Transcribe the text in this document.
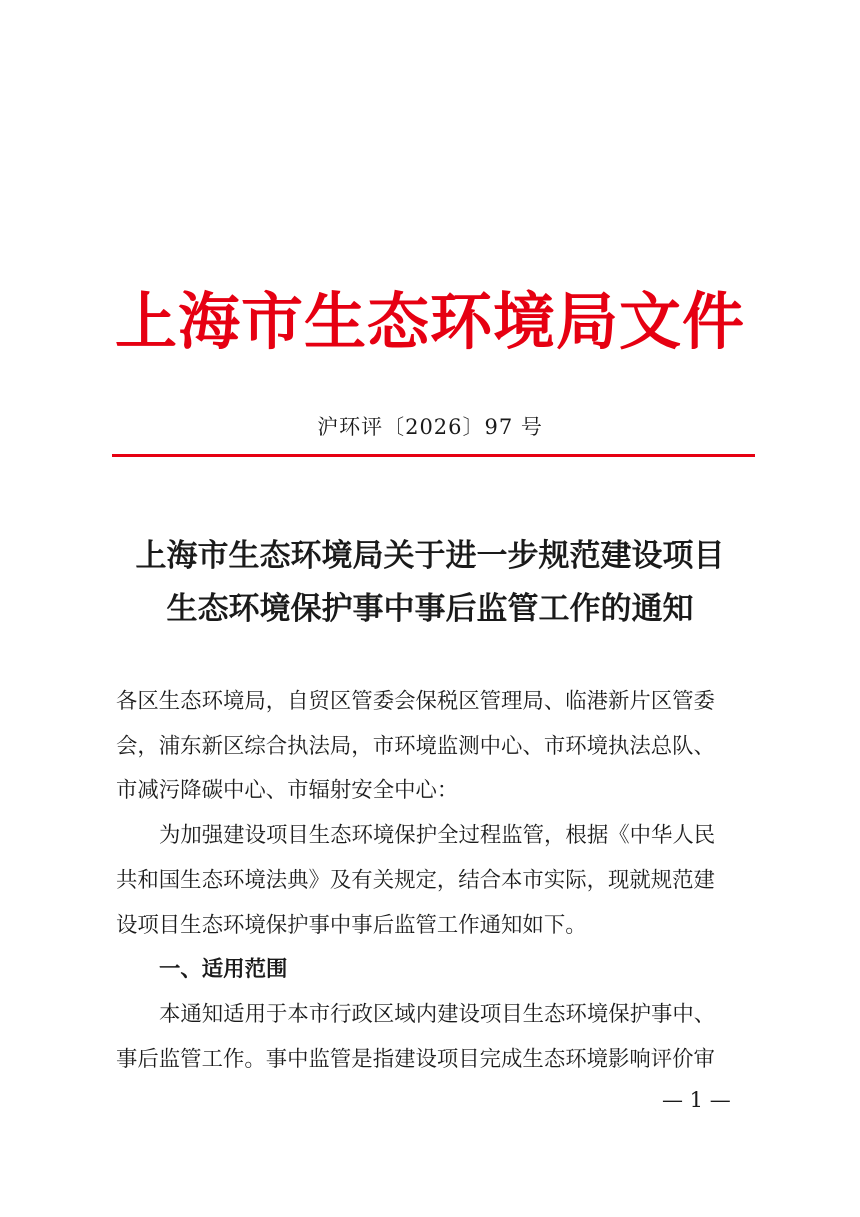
上海市生态环境局文件
沪环评〔2026〕97 号
上海市生态环境局关于进一步规范建设项目
生态环境保护事中事后监管工作的通知
各区生态环境局，自贸区管委会保税区管理局、临港新片区管委
会，浦东新区综合执法局，市环境监测中心、市环境执法总队、
市减污降碳中心、市辐射安全中心：
为加强建设项目生态环境保护全过程监管，根据《中华人民
共和国生态环境法典》及有关规定，结合本市实际，现就规范建
设项目生态环境保护事中事后监管工作通知如下。
一、适用范围
本通知适用于本市行政区域内建设项目生态环境保护事中、
事后监管工作。事中监管是指建设项目完成生态环境影响评价审
— 1 —
